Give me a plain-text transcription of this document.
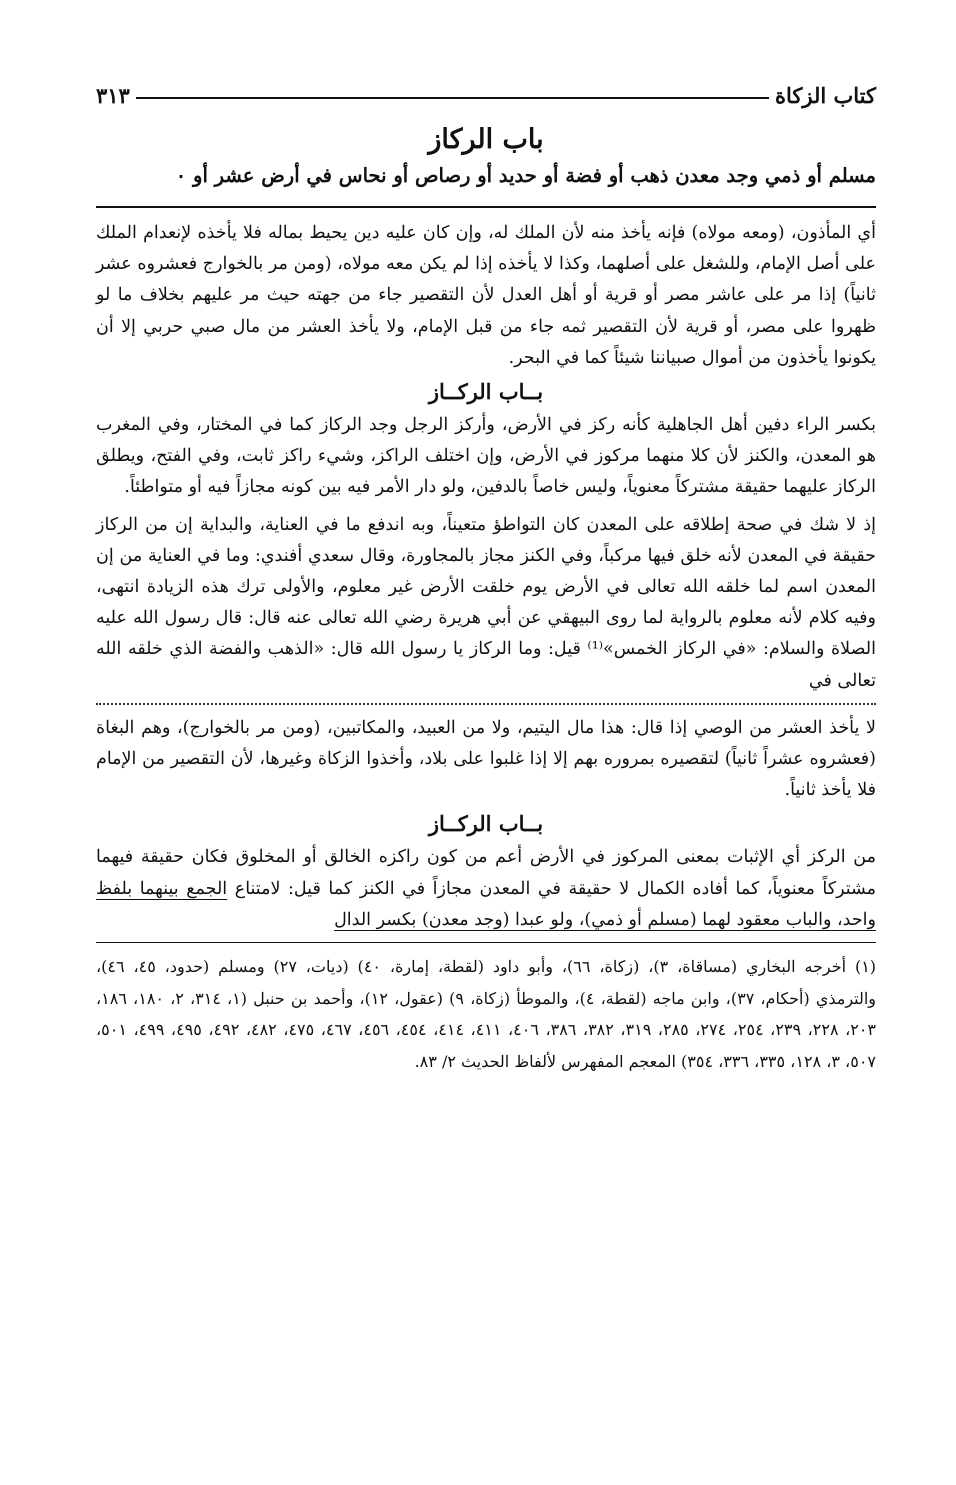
كتاب الزكاة
٣١٣
باب الركاز
مسلم أو ذمي وجد معدن ذهب أو فضة أو حديد أو رصاص أو نحاس في أرض عشر أو ٠

أي المأذون، (ومعه مولاه) فإنه يأخذ منه لأن الملك له، وإن كان عليه دين يحيط بماله فلا يأخذه لإنعدام الملك على أصل الإمام، وللشغل على أصلهما، وكذا لا يأخذه إذا لم يكن معه مولاه، (ومن مر بالخوارج فعشروه عشر ثانياً) إذا مر على عاشر مصر أو قرية أو أهل العدل لأن التقصير جاء من جهته حيث مر عليهم بخلاف ما لو ظهروا على مصر، أو قرية لأن التقصير ثمه جاء من قبل الإمام، ولا يأخذ العشر من مال صبي حربي إلا أن يكونوا يأخذون من أموال صبياننا شيئاً كما في البحر.

بــاب الركــاز

بكسر الراء دفين أهل الجاهلية كأنه ركز في الأرض، وأركز الرجل وجد الركاز كما في المختار، وفي المغرب هو المعدن، والكنز لأن كلا منهما مركوز في الأرض، وإن اختلف الراكز، وشيء راكز ثابت، وفي الفتح، ويطلق الركاز عليهما حقيقة مشتركاً معنوياً، وليس خاصاً بالدفين، ولو دار الأمر فيه بين كونه مجازاً فيه أو متواطئاً.

إذ لا شك في صحة إطلاقه على المعدن كان التواطؤ متعيناً، وبه اندفع ما في العناية، والبداية إن من الركاز حقيقة في المعدن لأنه خلق فيها مركباً، وفي الكنز مجاز بالمجاورة، وقال سعدي أفندي: وما في العناية من إن المعدن اسم لما خلقه الله تعالى في الأرض يوم خلقت الأرض غير معلوم، والأولى ترك هذه الزيادة انتهى، وفيه كلام لأنه معلوم بالرواية لما روى البيهقي عن أبي هريرة رضي الله تعالى عنه قال: قال رسول الله عليه الصلاة والسلام: «في الركاز الخمس»⁽¹⁾ قيل: وما الركاز يا رسول الله قال: «الذهب والفضة الذي خلقه الله تعالى في

لا يأخذ العشر من الوصي إذا قال: هذا مال اليتيم، ولا من العبيد، والمكاتبين، (ومن مر بالخوارج)، وهم البغاة (فعشروه عشراً ثانياً) لتقصيره بمروره بهم إلا إذا غلبوا على بلاد، وأخذوا الزكاة وغيرها، لأن التقصير من الإمام فلا يأخذ ثانياً.

بــاب الركــاز

من الركز أي الإثبات بمعنى المركوز في الأرض أعم من كون راكزه الخالق أو المخلوق فكان حقيقة فيهما مشتركاً معنوياً، كما أفاده الكمال لا حقيقة في المعدن مجازاً في الكنز كما قيل: لامتناع الجمع بينهما بلفظ واحد، والباب معقود لهما (مسلم أو ذمي)، ولو عبدا (وجد معدن) بكسر الدال

(١) أخرجه البخاري (مساقاة، ٣)، (زكاة، ٦٦)، وأبو داود (لقطة، إمارة، ٤٠) (ديات، ٢٧) ومسلم (حدود، ٤٥، ٤٦)، والترمذي (أحكام، ٣٧)، وابن ماجه (لقطة، ٤)، والموطأ (زكاة، ٩) (عقول، ١٢)، وأحمد بن حنبل (١، ٣١٤، ٢، ١٨٠، ١٨٦، ٢٠٣، ٢٢٨، ٢٣٩، ٢٥٤، ٢٧٤، ٢٨٥، ٣١٩، ٣٨٢، ٣٨٦، ٤٠٦، ٤١١، ٤١٤، ٤٥٤، ٤٥٦، ٤٦٧، ٤٧٥، ٤٨٢، ٤٩٢، ٤٩٥، ٤٩٩، ٥٠١، ٥٠٧، ٣، ١٢٨، ٣٣٥، ٣٣٦، ٣٥٤) المعجم المفهرس لألفاظ الحديث ٢/ ٨٣.
